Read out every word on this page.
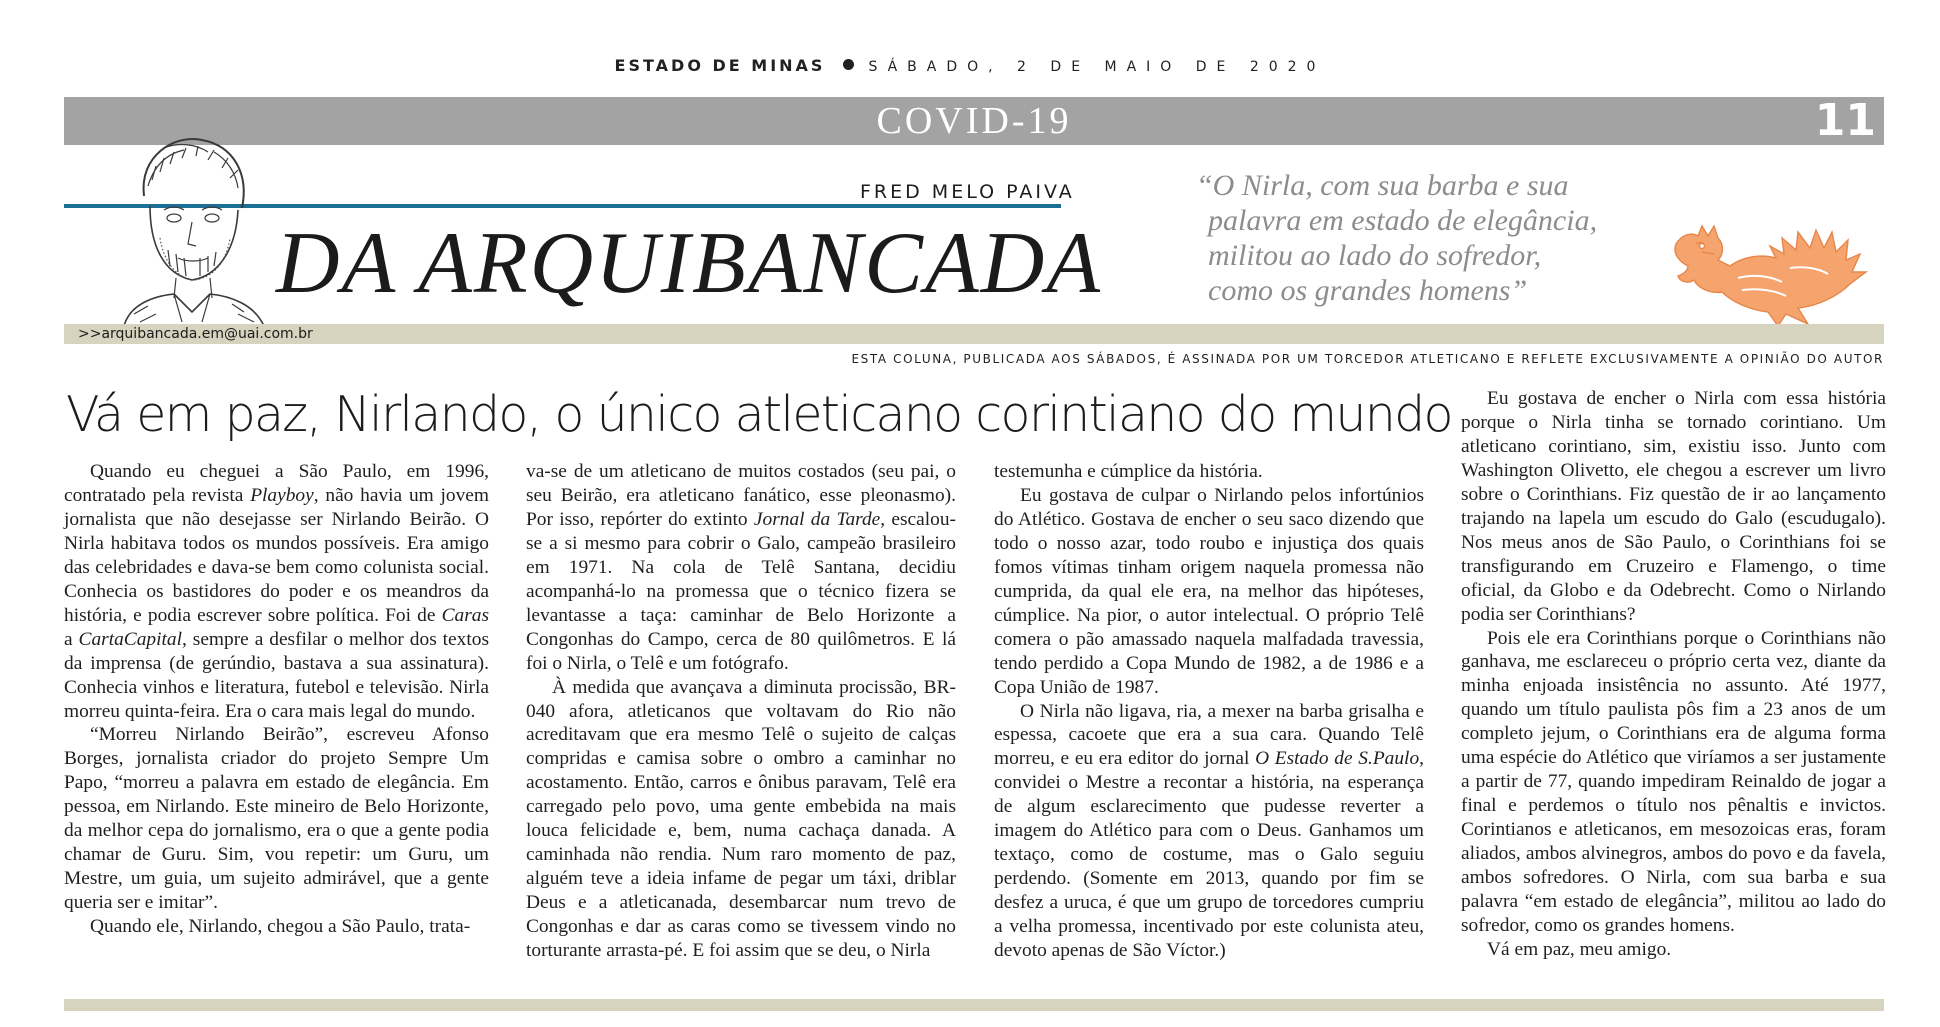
ESTADO DE MINAS	SÁBADO, 2 DE MAIO DE 2020
COVID-19	11
FRED MELO PAIVA
DA ARQUIBANCADA
“O Nirla, com sua barba e sua
palavra em estado de elegância,
militou ao lado do sofredor,
como os grandes homens”
>>arquibancada.em@uai.com.br
ESTA COLUNA, PUBLICADA AOS SÁBADOS, É ASSINADA POR UM TORCEDOR ATLETICANO E REFLETE EXCLUSIVAMENTE A OPINIÃO DO AUTOR
Vá em paz, Nirlando, o único atleticano corintiano do mundo

Quando eu cheguei a São Paulo, em 1996, contratado pela revista Playboy, não havia um jovem jornalista que não desejasse ser Nirlando Beirão. O Nirla habitava todos os mundos possíveis. Era amigo das celebridades e dava-se bem como colunista social. Conhecia os bastidores do poder e os meandros da história, e podia escrever sobre política. Foi de Caras a CartaCapital, sempre a desfilar o melhor dos textos da imprensa (de gerúndio, bastava a sua assinatura). Conhecia vinhos e literatura, futebol e televisão. Nirla morreu quinta-feira. Era o cara mais legal do mundo.

“Morreu Nirlando Beirão”, escreveu Afonso Borges, jornalista criador do projeto Sempre Um Papo, “morreu a palavra em estado de elegância. Em pessoa, em Nirlando. Este mineiro de Belo Horizonte, da melhor cepa do jornalismo, era o que a gente podia chamar de Guru. Sim, vou repetir: um Guru, um Mestre, um guia, um sujeito admirável, que a gente queria ser e imitar”.

Quando ele, Nirlando, chegou a São Paulo, trata-

va-se de um atleticano de muitos costados (seu pai, o seu Beirão, era atleticano fanático, esse pleonasmo). Por isso, repórter do extinto Jornal da Tarde, escalou-se a si mesmo para cobrir o Galo, campeão brasileiro em 1971. Na cola de Telê Santana, decidiu acompanhá-lo na promessa que o técnico fizera se levantasse a taça: caminhar de Belo Horizonte a Congonhas do Campo, cerca de 80 quilômetros. E lá foi o Nirla, o Telê e um fotógrafo.

À medida que avançava a diminuta procissão, BR-040 afora, atleticanos que voltavam do Rio não acreditavam que era mesmo Telê o sujeito de calças compridas e camisa sobre o ombro a caminhar no acostamento. Então, carros e ônibus paravam, Telê era carregado pelo povo, uma gente embebida na mais louca felicidade e, bem, numa cachaça danada. A caminhada não rendia. Num raro momento de paz, alguém teve a ideia infame de pegar um táxi, driblar Deus e a atleticanada, desembarcar num trevo de Congonhas e dar as caras como se tivessem vindo no torturante arrasta-pé. E foi assim que se deu, o Nirla

testemunha e cúmplice da história.

Eu gostava de culpar o Nirlando pelos infortúnios do Atlético. Gostava de encher o seu saco dizendo que todo o nosso azar, todo roubo e injustiça dos quais fomos vítimas tinham origem naquela promessa não cumprida, da qual ele era, na melhor das hipóteses, cúmplice. Na pior, o autor intelectual. O próprio Telê comera o pão amassado naquela malfadada travessia, tendo perdido a Copa Mundo de 1982, a de 1986 e a Copa União de 1987.

O Nirla não ligava, ria, a mexer na barba grisalha e espessa, cacoete que era a sua cara. Quando Telê morreu, e eu era editor do jornal O Estado de S.Paulo, convidei o Mestre a recontar a história, na esperança de algum esclarecimento que pudesse reverter a imagem do Atlético para com o Deus. Ganhamos um textaço, como de costume, mas o Galo seguiu perdendo. (Somente em 2013, quando por fim se desfez a uruca, é que um grupo de torcedores cumpriu a velha promessa, incentivado por este colunista ateu, devoto apenas de São Víctor.)

Eu gostava de encher o Nirla com essa história porque o Nirla tinha se tornado corintiano. Um atleticano corintiano, sim, existiu isso. Junto com Washington Olivetto, ele chegou a escrever um livro sobre o Corinthians. Fiz questão de ir ao lançamento trajando na lapela um escudo do Galo (escudugalo). Nos meus anos de São Paulo, o Corinthians foi se transfigurando em Cruzeiro e Flamengo, o time oficial, da Globo e da Odebrecht. Como o Nirlando podia ser Corinthians?

Pois ele era Corinthians porque o Corinthians não ganhava, me esclareceu o próprio certa vez, diante da minha enjoada insistência no assunto. Até 1977, quando um título paulista pôs fim a 23 anos de um completo jejum, o Corinthians era de alguma forma uma espécie do Atlético que viríamos a ser justamente a partir de 77, quando impediram Reinaldo de jogar a final e perdemos o título nos pênaltis e invictos. Corintianos e atleticanos, em mesozoicas eras, foram aliados, ambos alvinegros, ambos do povo e da favela, ambos sofredores. O Nirla, com sua barba e sua palavra “em estado de elegância”, militou ao lado do sofredor, como os grandes homens.

Vá em paz, meu amigo.
